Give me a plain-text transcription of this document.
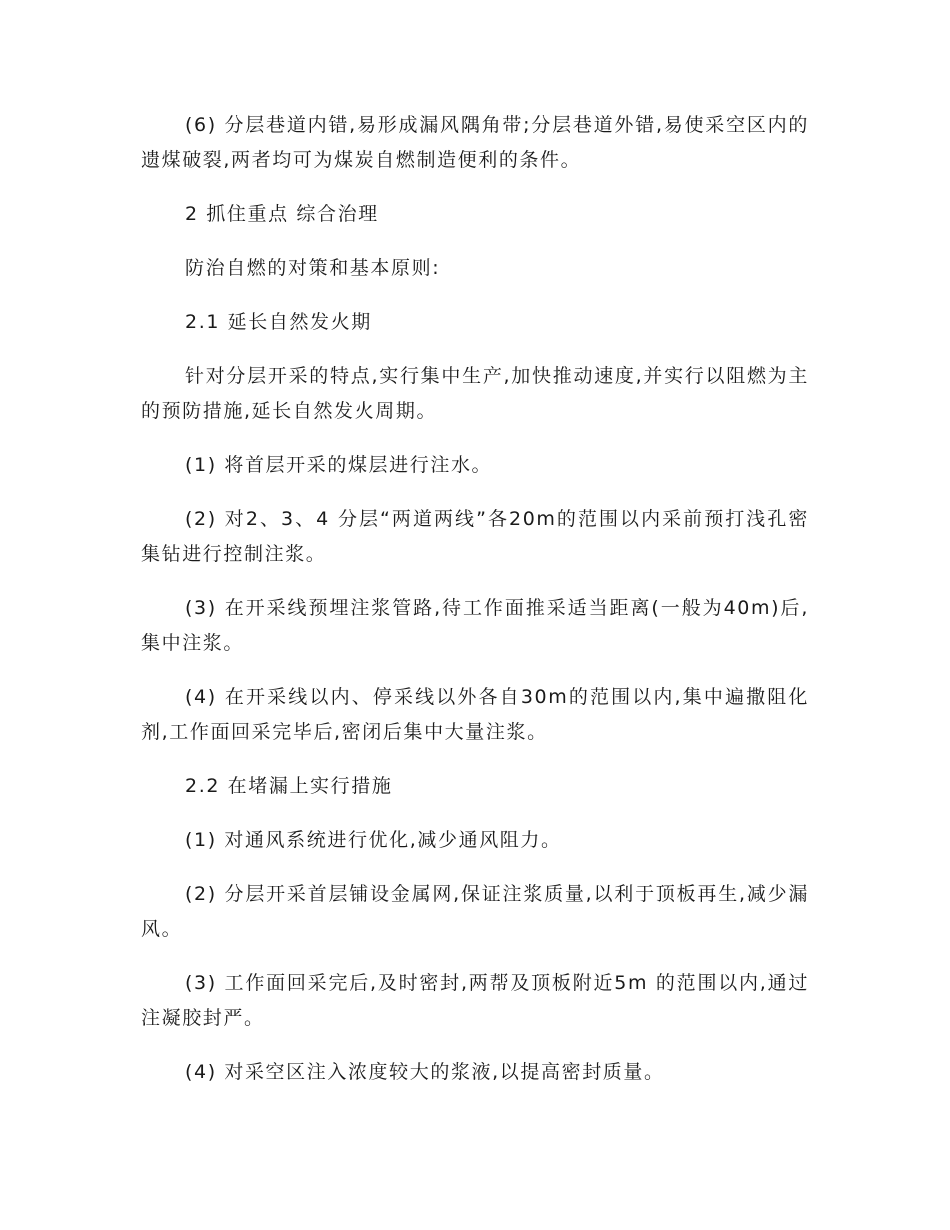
(6) 分层巷道内错,易形成漏风隅角带;分层巷道外错,易使采空区内的遗煤破裂,两者均可为煤炭自燃制造便利的条件。

2 抓住重点 综合治理

防治自燃的对策和基本原则:

2.1 延长自然发火期

针对分层开采的特点,实行集中生产,加快推动速度,并实行以阻燃为主的预防措施,延长自然发火周期。

(1) 将首层开采的煤层进行注水。

(2) 对2、3、4 分层“两道两线”各20m的范围以内采前预打浅孔密集钻进行控制注浆。

(3) 在开采线预埋注浆管路,待工作面推采适当距离(一般为40m)后,集中注浆。

(4) 在开采线以内、停采线以外各自30m的范围以内,集中遍撒阻化剂,工作面回采完毕后,密闭后集中大量注浆。

2.2 在堵漏上实行措施

(1) 对通风系统进行优化,减少通风阻力。

(2) 分层开采首层铺设金属网,保证注浆质量,以利于顶板再生,减少漏风。

(3) 工作面回采完后,及时密封,两帮及顶板附近5m 的范围以内,通过注凝胶封严。

(4) 对采空区注入浓度较大的浆液,以提高密封质量。
